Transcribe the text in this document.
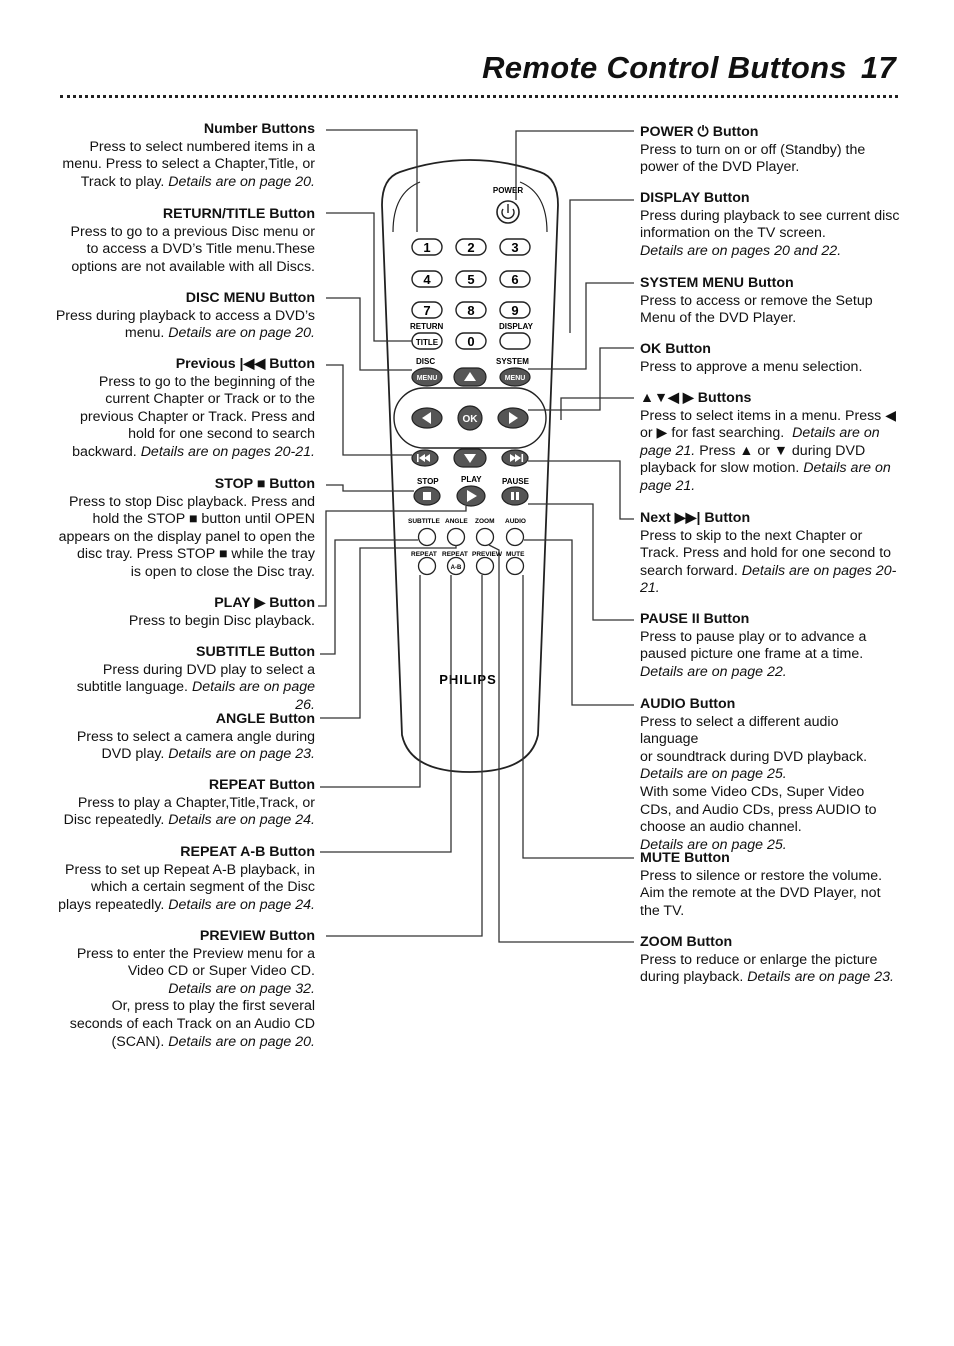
Remote Control Buttons 17
POWER
1	2	3
4	5	6
7	8	9
0
RETURN
TITLE
DISPLAY
DISC	SYSTEM
MENU	MENU
OK
STOP	PLAY	PAUSE
SUBTITLE ANGLE ZOOM AUDIO
REPEAT REPEAT PREVIEW MUTE
A-B
PHILIPS
Number Buttons
Press to select numbered items in a
menu. Press to select a Chapter,Title, or
Track to play. Details are on page 20.
RETURN/TITLE Button
Press to go to a previous Disc menu or
to access a DVD’s Title menu.These
options are not available with all Discs.
DISC MENU Button
Press during playback to access a DVD’s
menu. Details are on page 20.
Previous |◀◀ Button
Press to go to the beginning of the
current Chapter or Track or to the
previous Chapter or Track. Press and
hold for one second to search
backward. Details are on pages 20-21.
STOP ■ Button
Press to stop Disc playback. Press and
hold the STOP ■ button until OPEN
appears on the display panel to open the
disc tray. Press STOP ■ while the tray
is open to close the Disc tray.
PLAY ▶ Button
Press to begin Disc playback.
SUBTITLE Button
Press during DVD play to select a
subtitle language. Details are on page 26.
ANGLE Button
Press to select a camera angle during
DVD play. Details are on page 23.
REPEAT Button
Press to play a Chapter,Title,Track, or
Disc repeatedly. Details are on page 24.
REPEAT A-B Button
Press to set up Repeat A-B playback, in
which a certain segment of the Disc
plays repeatedly. Details are on page 24.
PREVIEW Button
Press to enter the Preview menu for a
Video CD or Super Video CD.
Details are on page 32.
Or, press to play the first several
seconds of each Track on an Audio CD
(SCAN). Details are on page 20.
POWER ⏻ Button
Press to turn on or off (Standby) the
power of the DVD Player.
DISPLAY Button
Press during playback to see current disc
information on the TV screen.
Details are on pages 20 and 22.
SYSTEM MENU Button
Press to access or remove the Setup
Menu of the DVD Player.
OK Button
Press to approve a menu selection.
▲▼◀ ▶ Buttons
Press to select items in a menu. Press ◀
or ▶ for fast searching. Details are on
page 21. Press ▲ or ▼ during DVD
playback for slow motion. Details are on
page 21.
Next ▶▶| Button
Press to skip to the next Chapter or
Track. Press and hold for one second to
search forward. Details are on pages 20-
21.
PAUSE II Button
Press to pause play or to advance a
paused picture one frame at a time.
Details are on page 22.
AUDIO Button
Press to select a different audio language
or soundtrack during DVD playback.
Details are on page 25.
With some Video CDs, Super Video
CDs, and Audio CDs, press AUDIO to
choose an audio channel.
Details are on page 25.
MUTE Button
Press to silence or restore the volume.
Aim the remote at the DVD Player, not
the TV.
ZOOM Button
Press to reduce or enlarge the picture
during playback. Details are on page 23.
